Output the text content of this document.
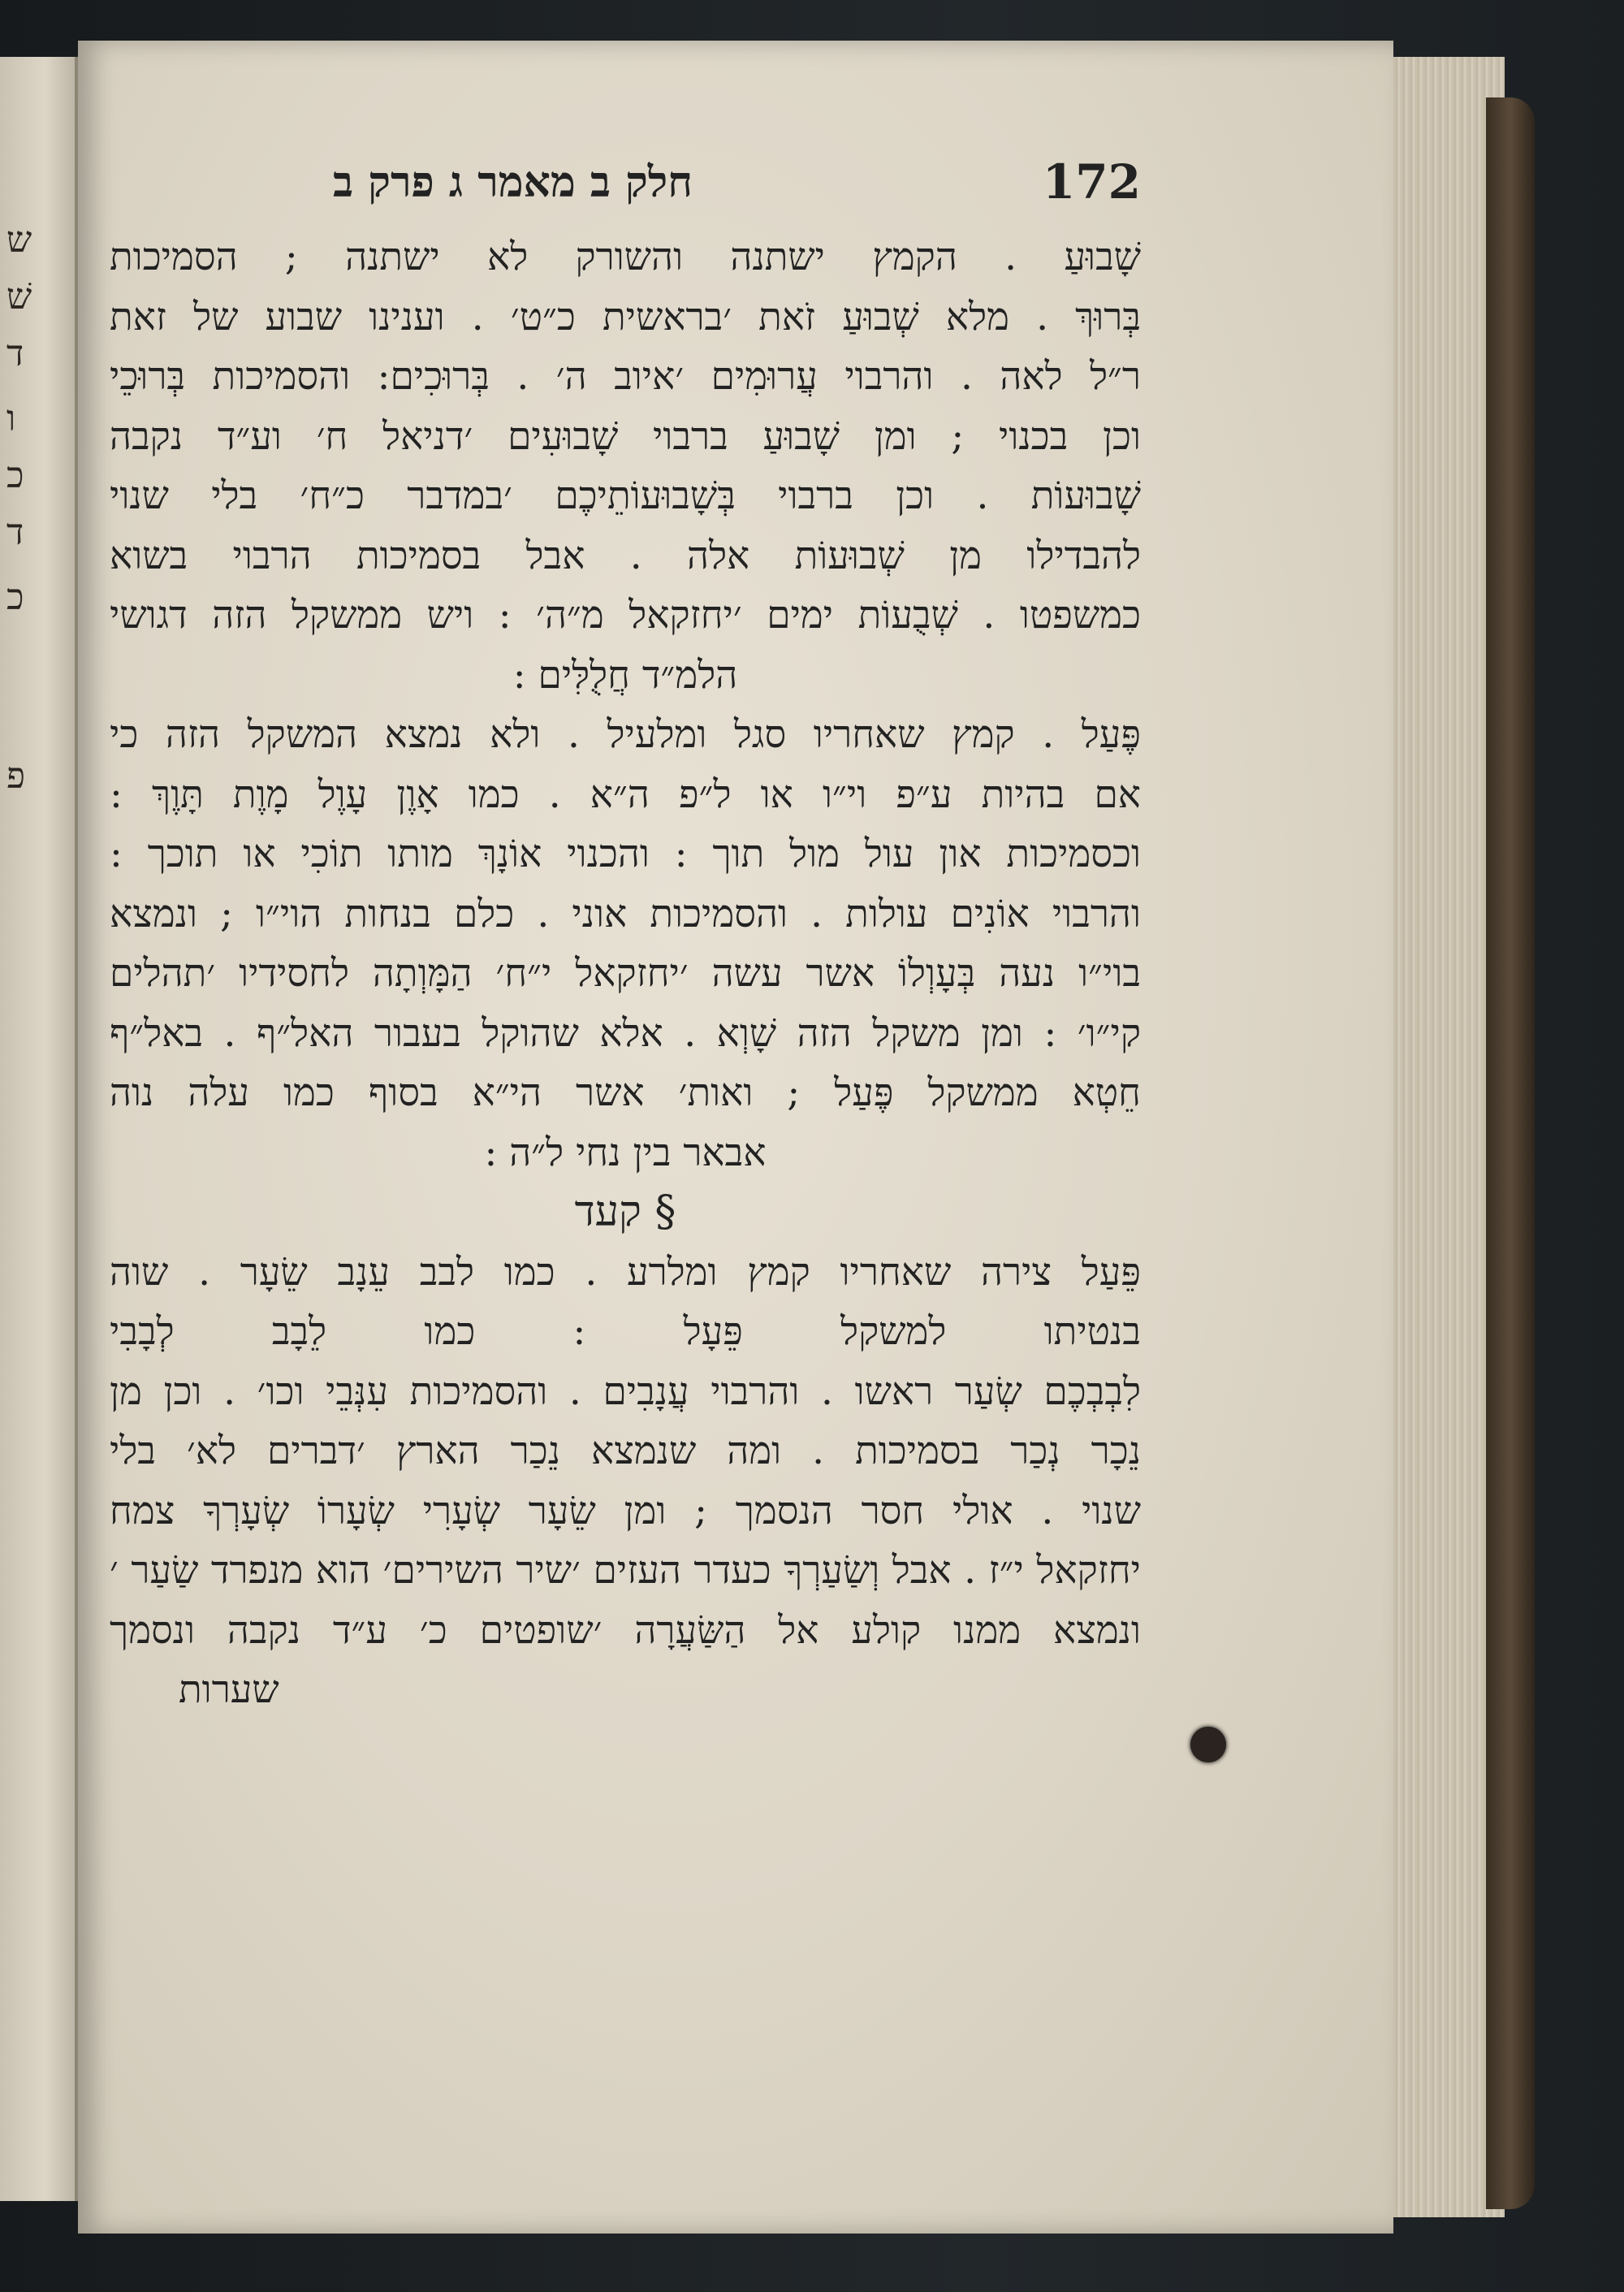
ש
שׁ
ד
ו
כ
ד
כ
פ
172
חלק ב מאמר ג פרק ב
שָׁבוּעַ . הקמץ ישתנה והשורק לא ישתנה ; הסמיכות
בְּרוּךְ . מלא שְׁבוּעַ זֹאת ׳בראשית כ״ט׳ . וענינו שבוע של זאת
ר״ל לאה . והרבוי עֲרוּמִים ׳איוב ה׳ . בְּרוּכִים: והסמיכות בְּרוּכֵי
וכן בכנוי ; ומן שָׁבוּעַ ברבוי שָׁבוּעִים ׳דניאל ח׳ וע״ד נקבה
שָׁבוּעוֹת . וכן ברבוי בְּשָׁבוּעוֹתֵיכֶם ׳במדבר כ״ח׳ בלי שנוי
להבדילו מן שְׁבוּעוֹת אלה . אבל בסמיכות הרבוי בשוא
כמשפטו . שְׁבֻעוֹת ימים ׳יחזקאל מ״ה׳ : ויש ממשקל הזה דגושי
הלמ״ד חֲלֻלִּים :
פֶּעַל . קמץ שאחריו סגל ומלעיל . ולא נמצא המשקל הזה כי
אם בהיות ע״פ וי״ו או ל״פ ה״א . כמו אָוֶן עָוֶל מָוֶת תָּוֶךְ :
וכסמיכות און עול מול תוך : והכנוי אוֹנָךְ מותו תוֹכִי או תוכך :
והרבוי אוֹנִים עולות . והסמיכות אוני . כלם בנחות הוי״ו ; ונמצא
בוי״ו נעה בְּעָוְלוֹ אשר עשה ׳יחזקאל י״ח׳ הַמָּוְתָה לחסידיו ׳תהלים
קי״ו׳ : ומן משקל הזה שָׁוְא . אלא שהוקל בעבור האל״ף . באל״ף
חֵטְא ממשקל פֶּעַל ; ואות׳ אשר הי״א בסוף כמו עלה נוה
אבאר בין נחי ל״ה :
§ קעד
פֵּעַל צירה שאחריו קמץ ומלרע . כמו לבב עֵנָב שֵׂעָר . שוה
בנטיתו למשקל פֵּעָל : כמו לֵבָב לְבָבִי
לִבְבְכֶם שְׂעַר ראשו . והרבוי עֲנָבִים . והסמיכות עִנְּבֵי וכו׳ . וכן מן
נֵכָר נְכַר בסמיכות . ומה שנמצא נֵכַר הארץ ׳דברים לא׳ בלי
שנוי . אולי חסר הנסמך ; ומן שֵׂעָר שְׂעָרִי שְׂעָרוֹ שְׂעָרְךָ צמח
יחזקאל י״ז . אבל וְשַׂעַרְךָ כעדר העזים ׳שיר השירים׳ הוא מנפרד שַׂעַר ׳
ונמצא ממנו קולע אל הַשַּׂעֲרָה ׳שופטים כ׳ ע״ד נקבה ונסמך
שערות
